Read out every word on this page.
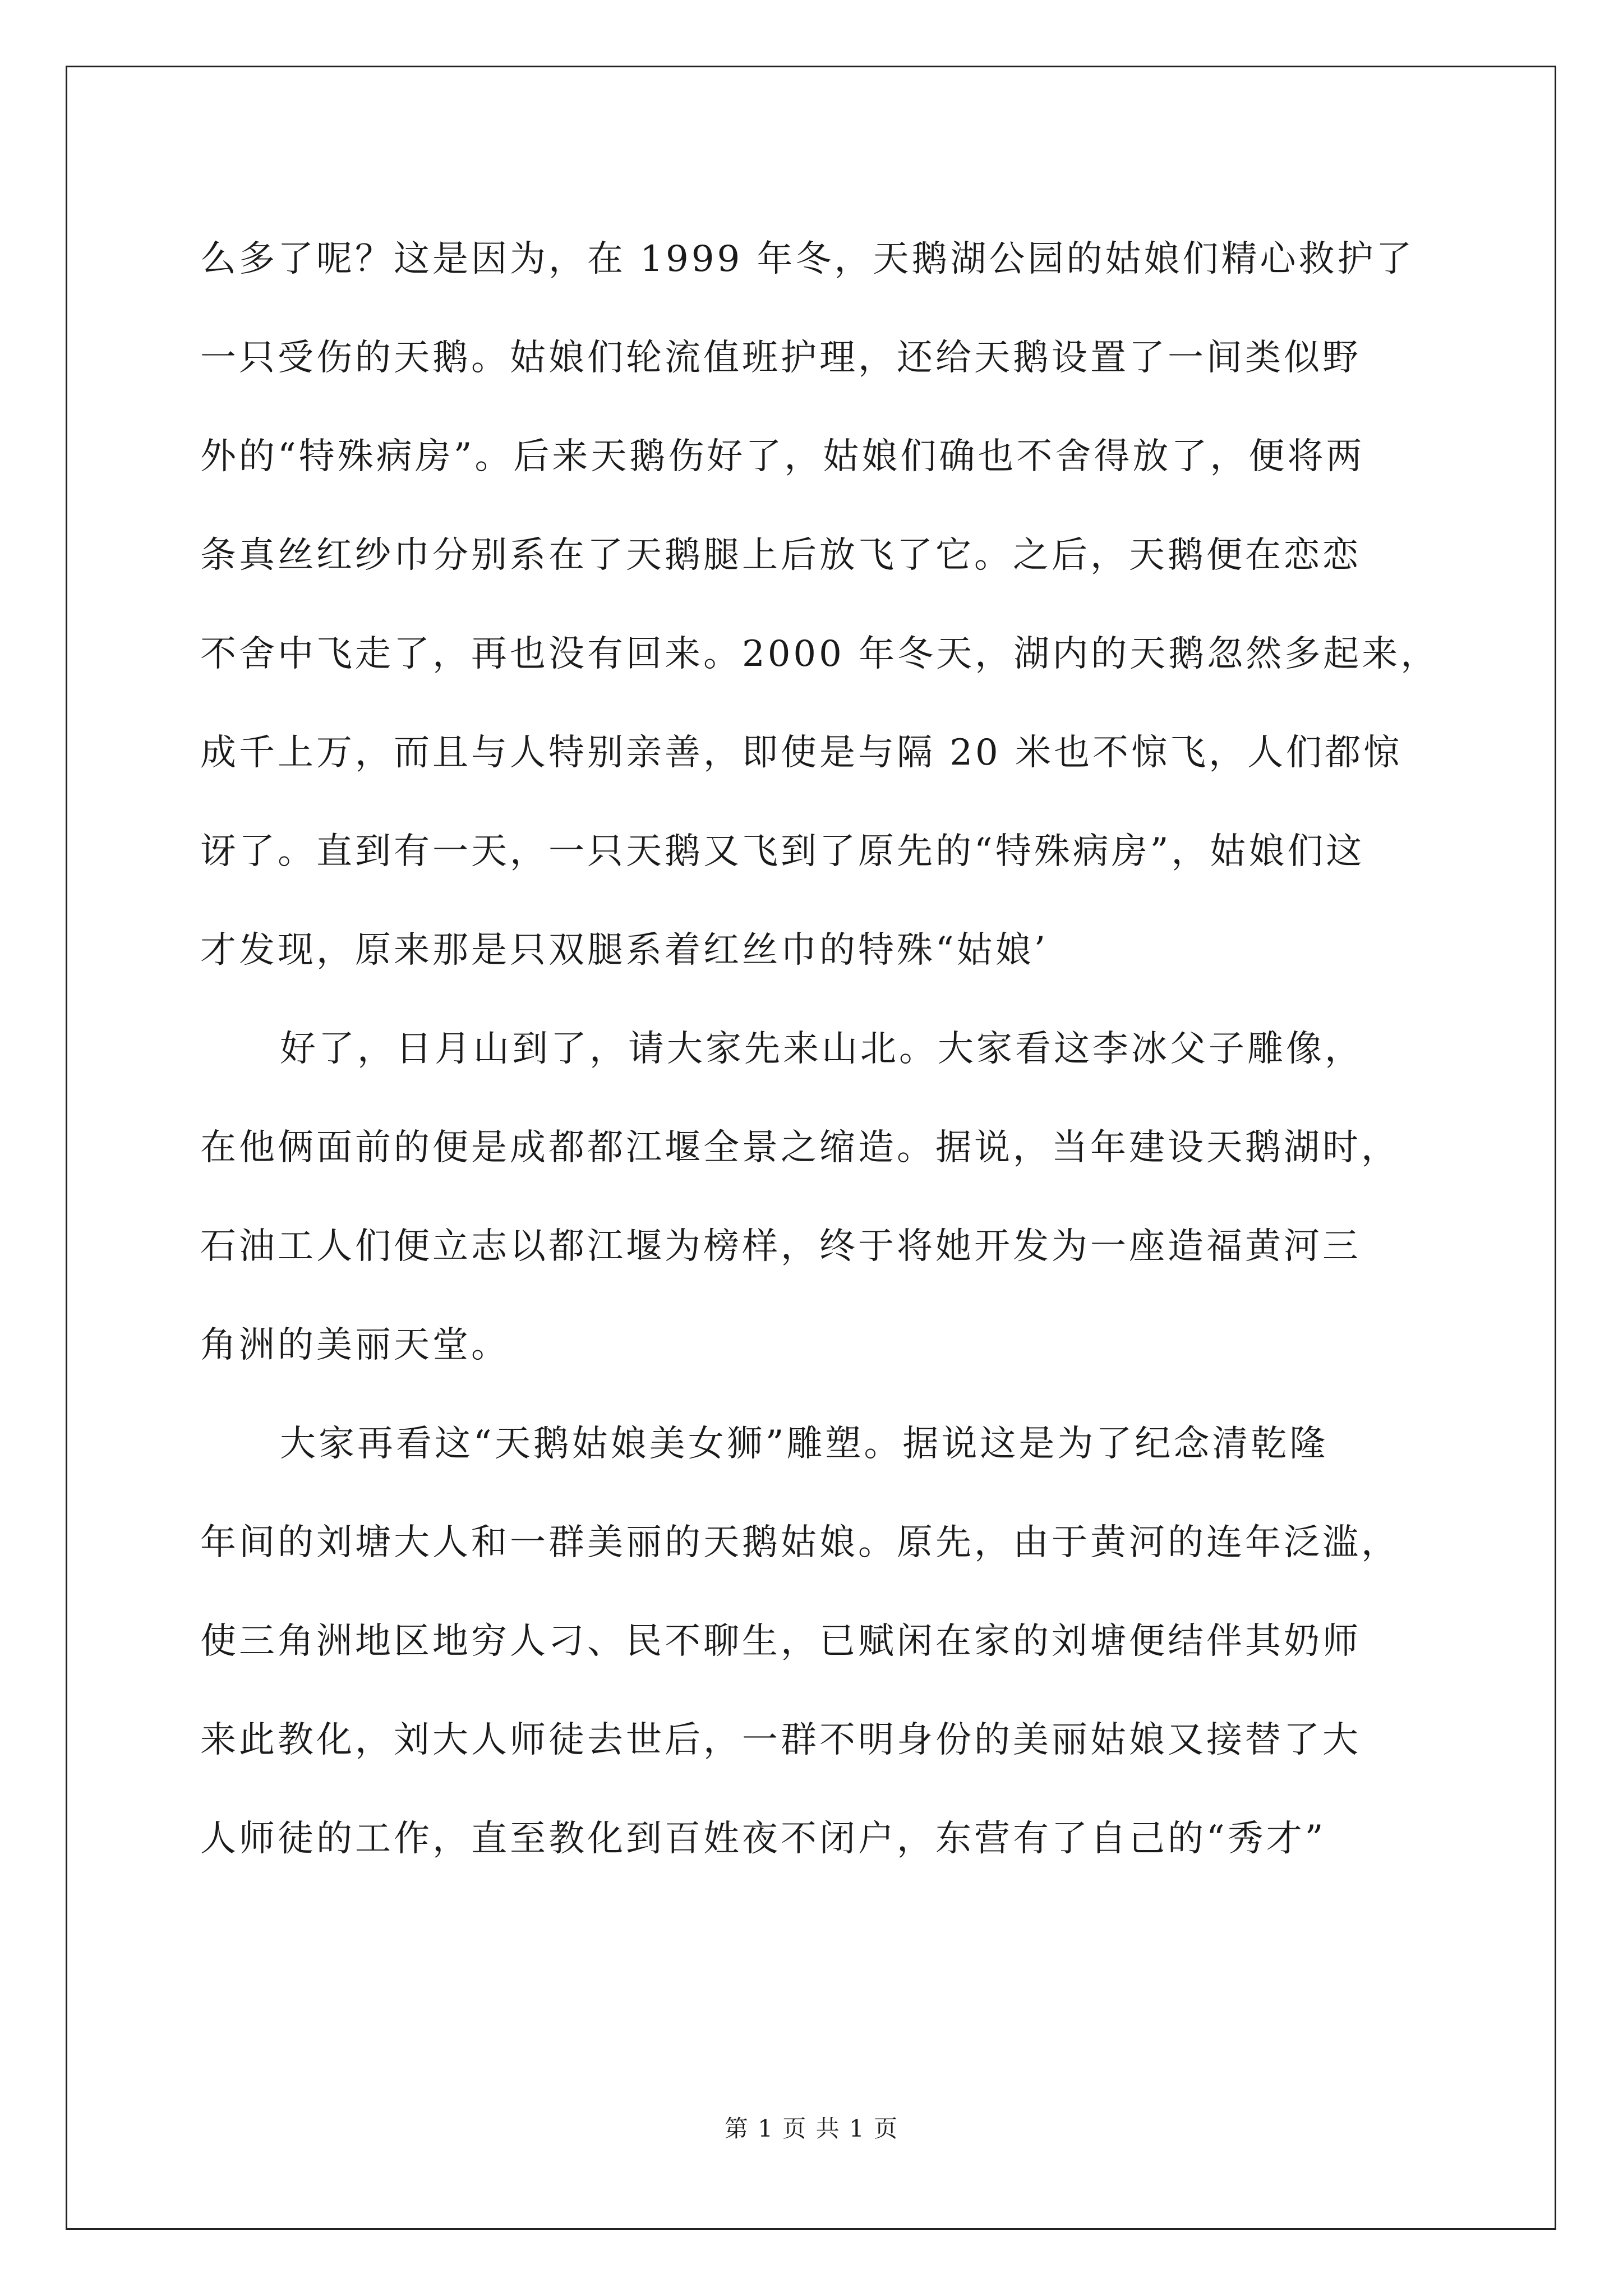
么多了呢？这是因为，在 1999 年冬，天鹅湖公园的姑娘们精心救护了
一只受伤的天鹅。姑娘们轮流值班护理，还给天鹅设置了一间类似野
外的“特殊病房”。后来天鹅伤好了，姑娘们确也不舍得放了，便将两
条真丝红纱巾分别系在了天鹅腿上后放飞了它。之后，天鹅便在恋恋
不舍中飞走了，再也没有回来。2000 年冬天，湖内的天鹅忽然多起来，
成千上万，而且与人特别亲善，即使是与隔 20 米也不惊飞，人们都惊
讶了。直到有一天，一只天鹅又飞到了原先的“特殊病房”，姑娘们这
才发现，原来那是只双腿系着红丝巾的特殊“姑娘’
好了，日月山到了，请大家先来山北。大家看这李冰父子雕像，
在他俩面前的便是成都都江堰全景之缩造。据说，当年建设天鹅湖时，
石油工人们便立志以都江堰为榜样，终于将她开发为一座造福黄河三
角洲的美丽天堂。
大家再看这“天鹅姑娘美女狮”雕塑。据说这是为了纪念清乾隆
年间的刘塘大人和一群美丽的天鹅姑娘。原先，由于黄河的连年泛滥，
使三角洲地区地穷人刁、民不聊生，已赋闲在家的刘塘便结伴其奶师
来此教化，刘大人师徒去世后，一群不明身份的美丽姑娘又接替了大
人师徒的工作，直至教化到百姓夜不闭户，东营有了自己的“秀才”
第 1 页 共 1 页
